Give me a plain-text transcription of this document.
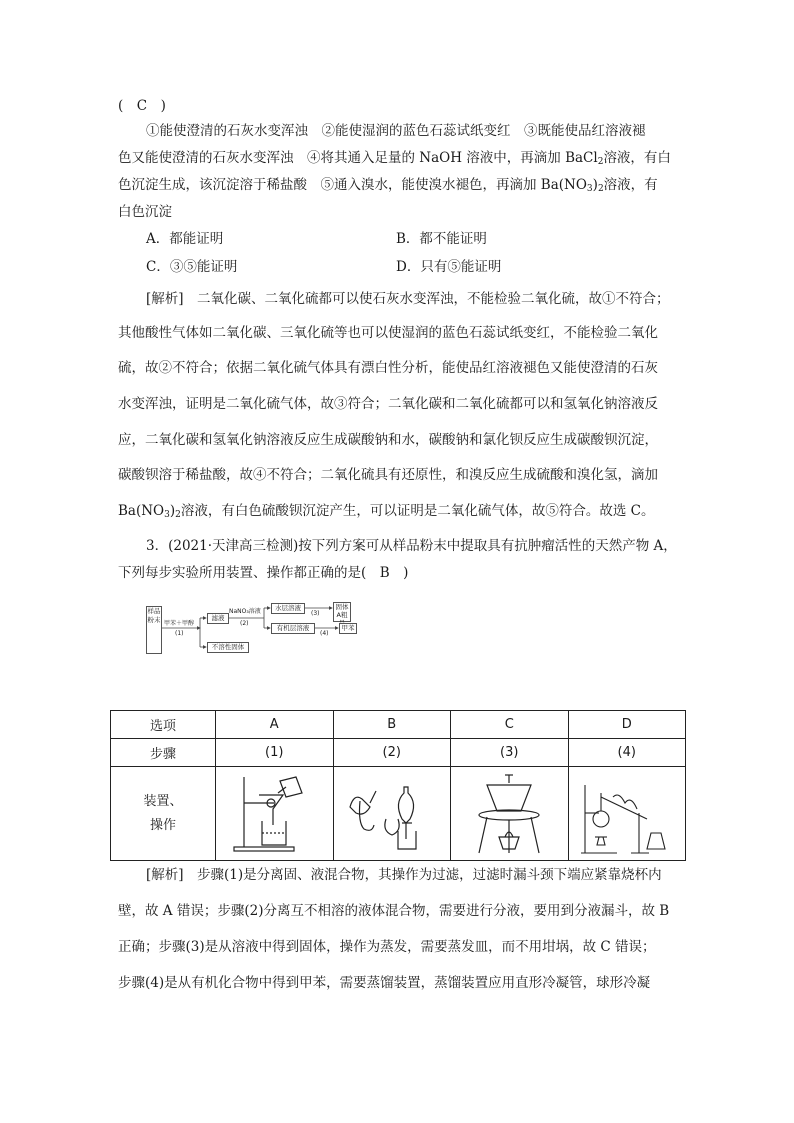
(　C　)
①能使澄清的石灰水变浑浊　②能使湿润的蓝色石蕊试纸变红　③既能使品红溶液褪
色又能使澄清的石灰水变浑浊　④将其通入足量的 NaOH 溶液中，再滴加 BaCl$_2$溶液，有白
色沉淀生成，该沉淀溶于稀盐酸　⑤通入溴水，能使溴水褪色，再滴加 $Ba(NO_3)_2$溶液，有
白色沉淀
A．都能证明	B．都不能证明
C．③⑤能证明	D．只有⑤能证明
[解析]　二氧化碳、二氧化硫都可以使石灰水变浑浊，不能检验二氧化硫，故①不符合；
其他酸性气体如二氧化碳、三氧化硫等也可以使湿润的蓝色石蕊试纸变红，不能检验二氧化
硫，故②不符合；依据二氧化硫气体具有漂白性分析，能使品红溶液褪色又能使澄清的石灰
水变浑浊，证明是二氧化硫气体，故③符合；二氧化碳和二氧化硫都可以和氢氧化钠溶液反
应，二氧化碳和氢氧化钠溶液反应生成碳酸钠和水，碳酸钠和氯化钡反应生成碳酸钡沉淀，
碳酸钡溶于稀盐酸，故④不符合；二氧化硫具有还原性，和溴反应生成硫酸和溴化氢，滴加
$Ba(NO_3)_2$溶液，有白色硫酸钡沉淀产生，可以证明是二氧化硫气体，故⑤符合。故选 C。
3．(2021·天津高三检测)按下列方案可从样品粉末中提取具有抗肿瘤活性的天然产物 A，
下列每步实验所用装置、操作都正确的是(　B　)
样品粉末 甲苯＋甲醇
(1)
滤液
不溶性固体
NaNO₃溶液
(2)
水层溶液
有机层溶液
(3)
(4)
固体A粗
甲苯
选项	A	B	C	D
步骤	(1)	(2)	(3)	(4)

装置、
操作

[解析]　步骤(1)是分离固、液混合物，其操作为过滤，过滤时漏斗颈下端应紧靠烧杯内
壁，故 A 错误；步骤(2)分离互不相溶的液体混合物，需要进行分液，要用到分液漏斗，故 B
正确；步骤(3)是从溶液中得到固体，操作为蒸发，需要蒸发皿，而不用坩埚，故 C 错误；
步骤(4)是从有机化合物中得到甲苯，需要蒸馏装置，蒸馏装置应用直形冷凝管，球形冷凝
